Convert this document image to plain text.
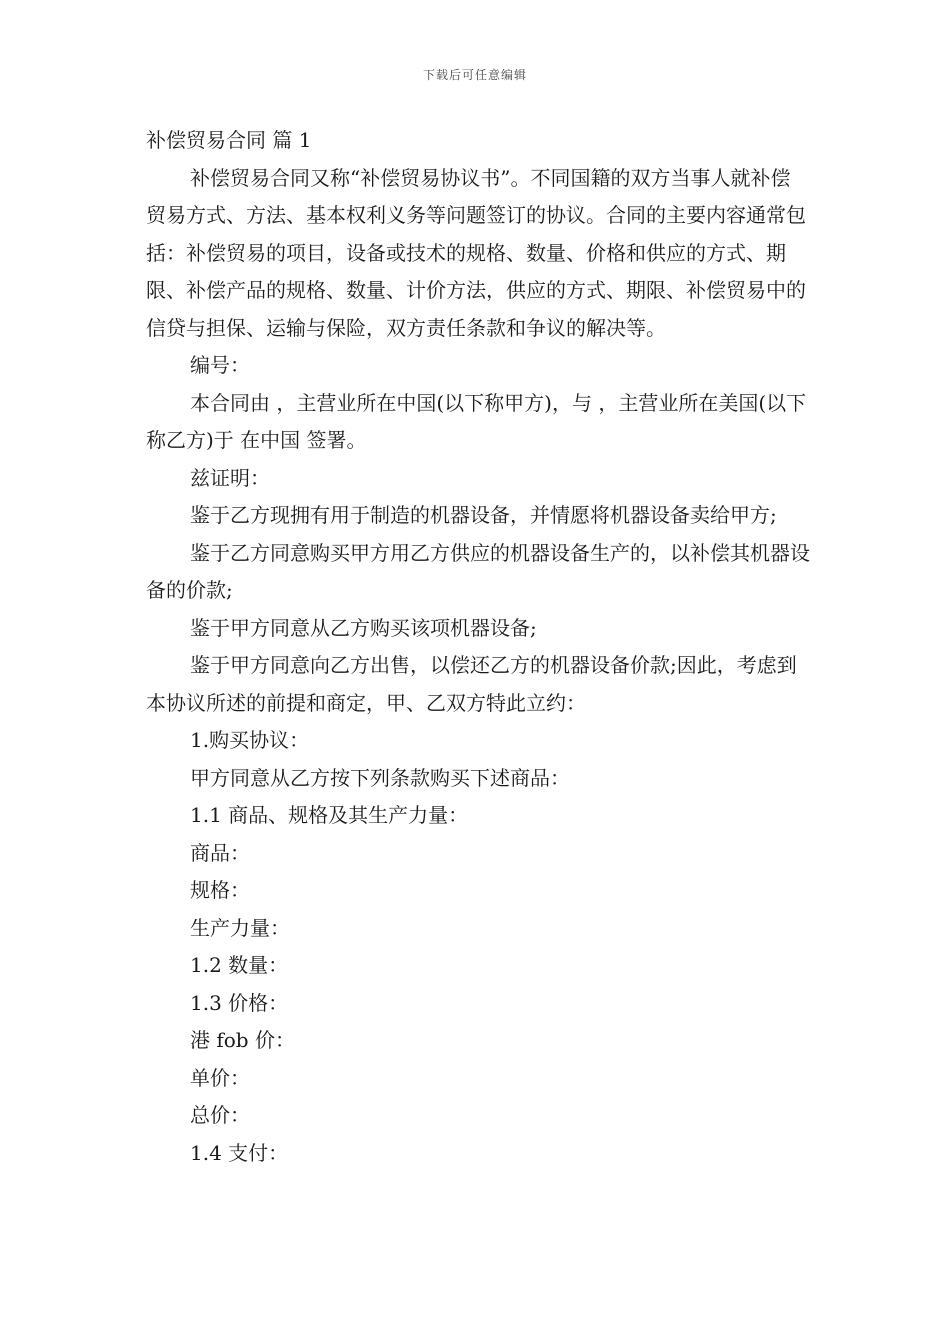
下载后可任意编辑

补偿贸易合同 篇 1

补偿贸易合同又称“补偿贸易协议书”。不同国籍的双方当事人就补偿贸易方式、方法、基本权利义务等问题签订的协议。合同的主要内容通常包括：补偿贸易的项目，设备或技术的规格、数量、价格和供应的方式、期限、补偿产品的规格、数量、计价方法，供应的方式、期限、补偿贸易中的信贷与担保、运输与保险，双方责任条款和争议的解决等。

编号：

本合同由 ，主营业所在中国(以下称甲方)，与 ，主营业所在美国(以下称乙方)于 在中国 签署。

兹证明：

鉴于乙方现拥有用于制造的机器设备，并情愿将机器设备卖给甲方;

鉴于乙方同意购买甲方用乙方供应的机器设备生产的，以补偿其机器设备的价款;

鉴于甲方同意从乙方购买该项机器设备;

鉴于甲方同意向乙方出售，以偿还乙方的机器设备价款;因此，考虑到本协议所述的前提和商定，甲、乙双方特此立约：

1.购买协议：

甲方同意从乙方按下列条款购买下述商品：

1.1 商品、规格及其生产力量：

商品：

规格：

生产力量：

1.2 数量：

1.3 价格：

港 fob 价：

单价：

总价：

1.4 支付：
